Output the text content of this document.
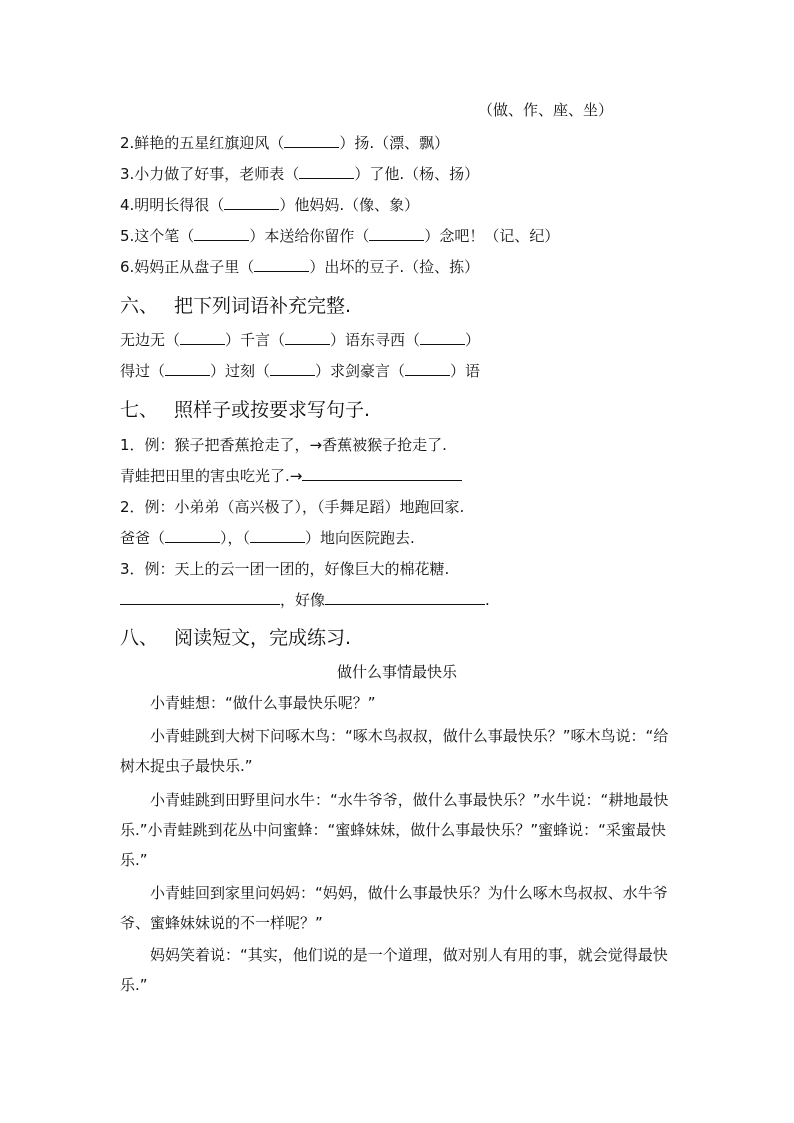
（做、作、座、坐）
2.鲜艳的五星红旗迎风（	）扬.（漂、飘）
3.小力做了好事，老师表（	）了他.（杨、扬）
4.明明长得很（	）他妈妈.（像、象）
5.这个笔（	）本送给你留作（	）念吧！（记、纪）
6.妈妈正从盘子里（	）出坏的豆子.（捡、拣）
六、 把下列词语补充完整.
无边无（	）千言（	）语东寻西（	）
得过（	）过刻（	）求剑豪言（	）语
七、 照样子或按要求写句子.
1．例：猴子把香蕉抢走了，→香蕉被猴子抢走了.
青蛙把田里的害虫吃光了.→
2．例：小弟弟（高兴极了），（手舞足蹈）地跑回家.
爸爸（	），（	）地向医院跑去.
3．例：天上的云一团一团的，好像巨大的棉花糖.
，好像	.
八、 阅读短文，完成练习.
做什么事情最快乐
小青蛙想：“做什么事最快乐呢？”
小青蛙跳到大树下问啄木鸟：“啄木鸟叔叔，做什么事最快乐？”啄木鸟说：“给树木捉虫子最快乐.”
小青蛙跳到田野里问水牛：“水牛爷爷，做什么事最快乐？”水牛说：“耕地最快乐.”小青蛙跳到花丛中问蜜蜂：“蜜蜂妹妹，做什么事最快乐？”蜜蜂说：“采蜜最快乐.”
小青蛙回到家里问妈妈：“妈妈，做什么事最快乐？为什么啄木鸟叔叔、水牛爷爷、蜜蜂妹妹说的不一样呢？”
妈妈笑着说：“其实，他们说的是一个道理，做对别人有用的事，就会觉得最快乐.”
